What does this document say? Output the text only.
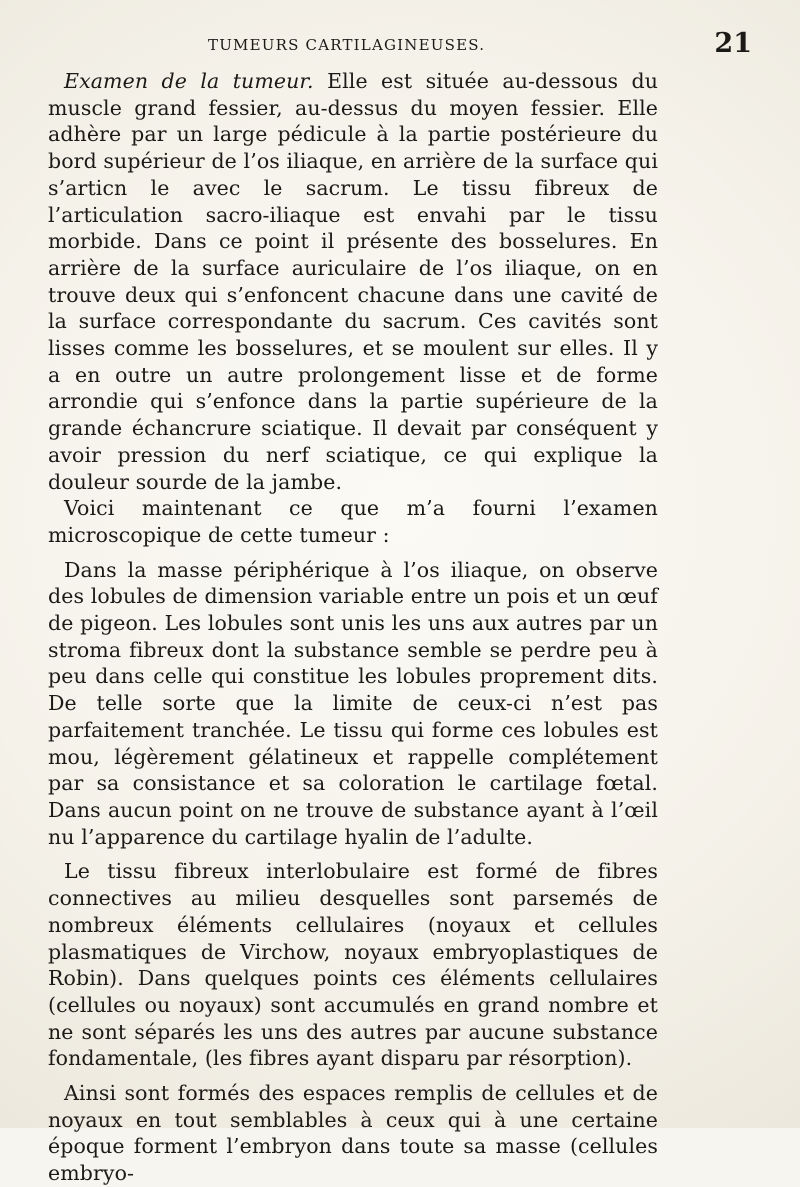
TUMEURS CARTILAGINEUSES.	21

Examen de la tumeur. Elle est située au-dessous du muscle grand fessier, au-dessus du moyen fessier. Elle adhère par un large pédicule à la partie postérieure du bord supérieur de l’os iliaque, en arrière de la surface qui s’articn le avec le sacrum. Le tissu fibreux de l’articulation sacro-iliaque est envahi par le tissu morbide. Dans ce point il présente des bosselures. En arrière de la surface auriculaire de l’os iliaque, on en trouve deux qui s’enfoncent chacune dans une cavité de la surface correspondante du sacrum. Ces cavités sont lisses comme les bosselures, et se moulent sur elles. Il y a en outre un autre prolongement lisse et de forme arrondie qui s’enfonce dans la partie supérieure de la grande échancrure sciatique. Il devait par conséquent y avoir pression du nerf sciatique, ce qui explique la douleur sourde de la jambe.

Voici maintenant ce que m’a fourni l’examen microscopique de cette tumeur :

Dans la masse périphérique à l’os iliaque, on observe des lobules de dimension variable entre un pois et un œuf de pigeon. Les lobules sont unis les uns aux autres par un stroma fibreux dont la substance semble se perdre peu à peu dans celle qui constitue les lobules proprement dits. De telle sorte que la limite de ceux-ci n’est pas parfaitement tranchée. Le tissu qui forme ces lobules est mou, légèrement gélatineux et rappelle complétement par sa consistance et sa coloration le cartilage fœtal. Dans aucun point on ne trouve de substance ayant à l’œil nu l’apparence du cartilage hyalin de l’adulte.

Le tissu fibreux interlobulaire est formé de fibres connectives au milieu desquelles sont parsemés de nombreux éléments cellulaires (noyaux et cellules plasmatiques de Virchow, noyaux embryoplastiques de Robin). Dans quelques points ces éléments cellulaires (cellules ou noyaux) sont accumulés en grand nombre et ne sont séparés les uns des autres par aucune substance fondamentale, (les fibres ayant disparu par résorption).

Ainsi sont formés des espaces remplis de cellules et de noyaux en tout semblables à ceux qui à une certaine époque forment l’embryon dans toute sa masse (cellules embryo-
